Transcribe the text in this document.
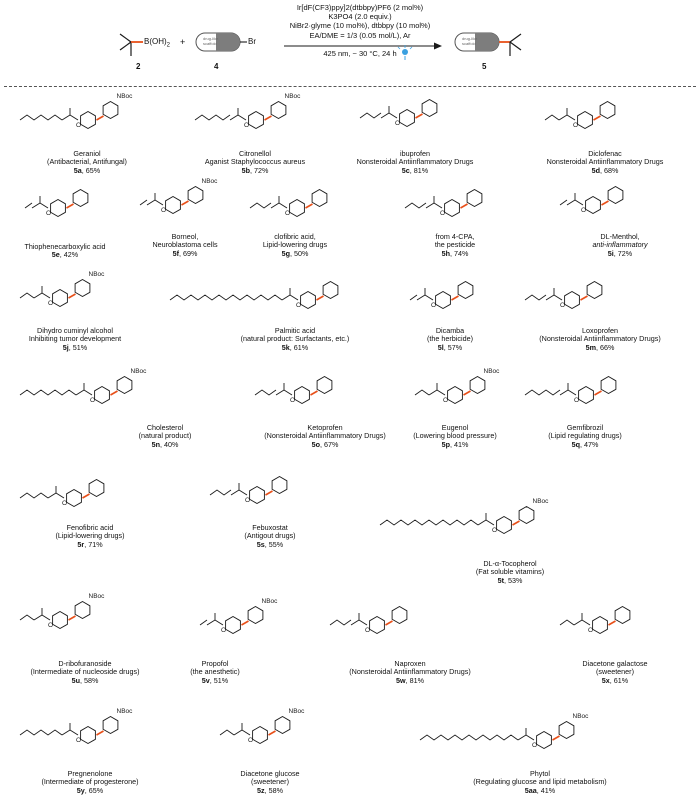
drug-like
scaffold
drug-like
scaffold
$B(OH)_2$ +	Br
2	4	5
Ir[dF(CF3)ppy]2(dtbbpy)PF6 (2 mol%)
K3PO4 (2.0 equiv.)
NiBr2·glyme (10 mol%), dtbbpy (10 mol%)
EA/DME = 1/3 (0.05 mol/L), Ar
425 nm, ~ 30 °C, 24 h
O
NBoc
O
NBoc
O	O
O	O
NBoc
O	O	O
O
NBoc
O	O	O
O
NBoc
O	O
NBoc
O
O	O
O
NBoc
O
NBoc
O
NBoc
O	O
O
NBoc
O
NBoc
O
NBoc
Geraniol
(Antibacterial, Antifungal)
5a, 65%
Citronellol
Aganist Staphylococcus aureus
5b, 72%
ibuprofen
Nonsteroidal Antiinflammatory Drugs
5c, 81%
Diclofenac
Nonsteroidal Antiinflammatory Drugs
5d, 68%
Thiophenecarboxylic acid
5e, 42%
Borneol,
Neuroblastoma cells
5f, 69%
clofibric acid,
Lipid-lowering drugs
5g, 50%
from 4-CPA,
the pesticide
5h, 74%
DL-Menthol,
anti-inflammatory
5i, 72%
Dihydro cuminyl alcohol
Inhibiting tumor development
5j, 51%
Palmitic acid
(natural product: Surfactants, etc.)
5k, 61%
Dicamba
(the herbicide)
5l, 57%
Loxoprofen
(Nonsteroidal Antiinflammatory Drugs)
5m, 66%
Cholesterol
(natural product)
5n, 40%
Ketoprofen
(Nonsteroidal Antiinflammatory Drugs)
5o, 67%
Eugenol
(Lowering blood pressure)
5p, 41%
Gemfibrozil
(Lipid regulating drugs)
5q, 47%
Fenofibric acid
(Lipid-lowering drugs)
5r, 71%
Febuxostat
(Antigout drugs)
5s, 55%
DL-α-Tocopherol
(Fat soluble vitamins)
5t, 53%
D-ribofuranoside
(Intermediate of nucleoside drugs)
5u, 58%
Propofol
(the anesthetic)
5v, 51%
Naproxen
(Nonsteroidal Antiinflammatory Drugs)
5w, 81%
Diacetone galactose
(sweetener)
5x, 61%
Pregnenolone
(Intermediate of progesterone)
5y, 65%
Diacetone glucose
(sweetener)
5z, 58%
Phytol
(Regulating glucose and lipid metabolism)
5aa, 41%
